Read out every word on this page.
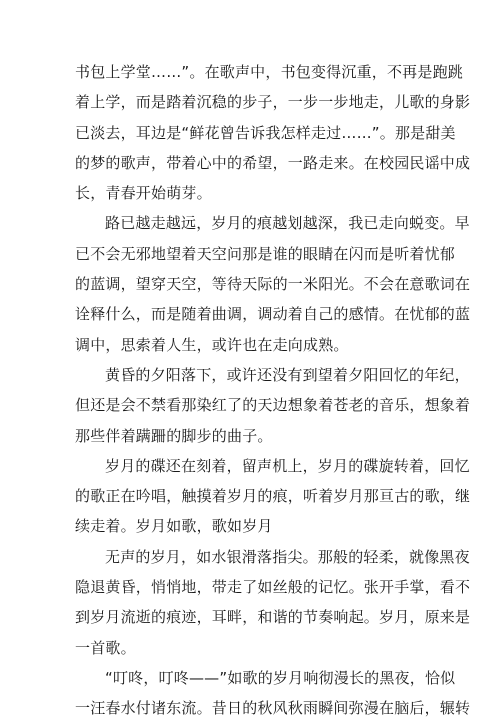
书包上学堂……”。在歌声中，书包变得沉重，不再是跑跳
着上学，而是踏着沉稳的步子，一步一步地走，儿歌的身影
已淡去，耳边是“鲜花曾告诉我怎样走过……”。那是甜美
的梦的歌声，带着心中的希望，一路走来。在校园民谣中成
长，青春开始萌芽。
路已越走越远，岁月的痕越划越深，我已走向蜕变。早
已不会无邪地望着天空问那是谁的眼睛在闪而是听着忧郁
的蓝调，望穿天空，等待天际的一米阳光。不会在意歌词在
诠释什么，而是随着曲调，调动着自己的感情。在忧郁的蓝
调中，思索着人生，或许也在走向成熟。
黄昏的夕阳落下，或许还没有到望着夕阳回忆的年纪，
但还是会不禁看那染红了的天边想象着苍老的音乐，想象着
那些伴着蹒跚的脚步的曲子。
岁月的碟还在刻着，留声机上，岁月的碟旋转着，回忆
的歌正在吟唱，触摸着岁月的痕，听着岁月那亘古的歌，继
续走着。岁月如歌，歌如岁月
无声的岁月，如水银滑落指尖。那般的轻柔，就像黑夜
隐退黄昏，悄悄地，带走了如丝般的记忆。张开手掌，看不
到岁月流逝的痕迹，耳畔，和谐的节奏响起。岁月，原来是
一首歌。
“叮咚，叮咚——”如歌的岁月响彻漫长的黑夜，恰似
一汪春水付诸东流。昔日的秋风秋雨瞬间弥漫在脑后，辗转
